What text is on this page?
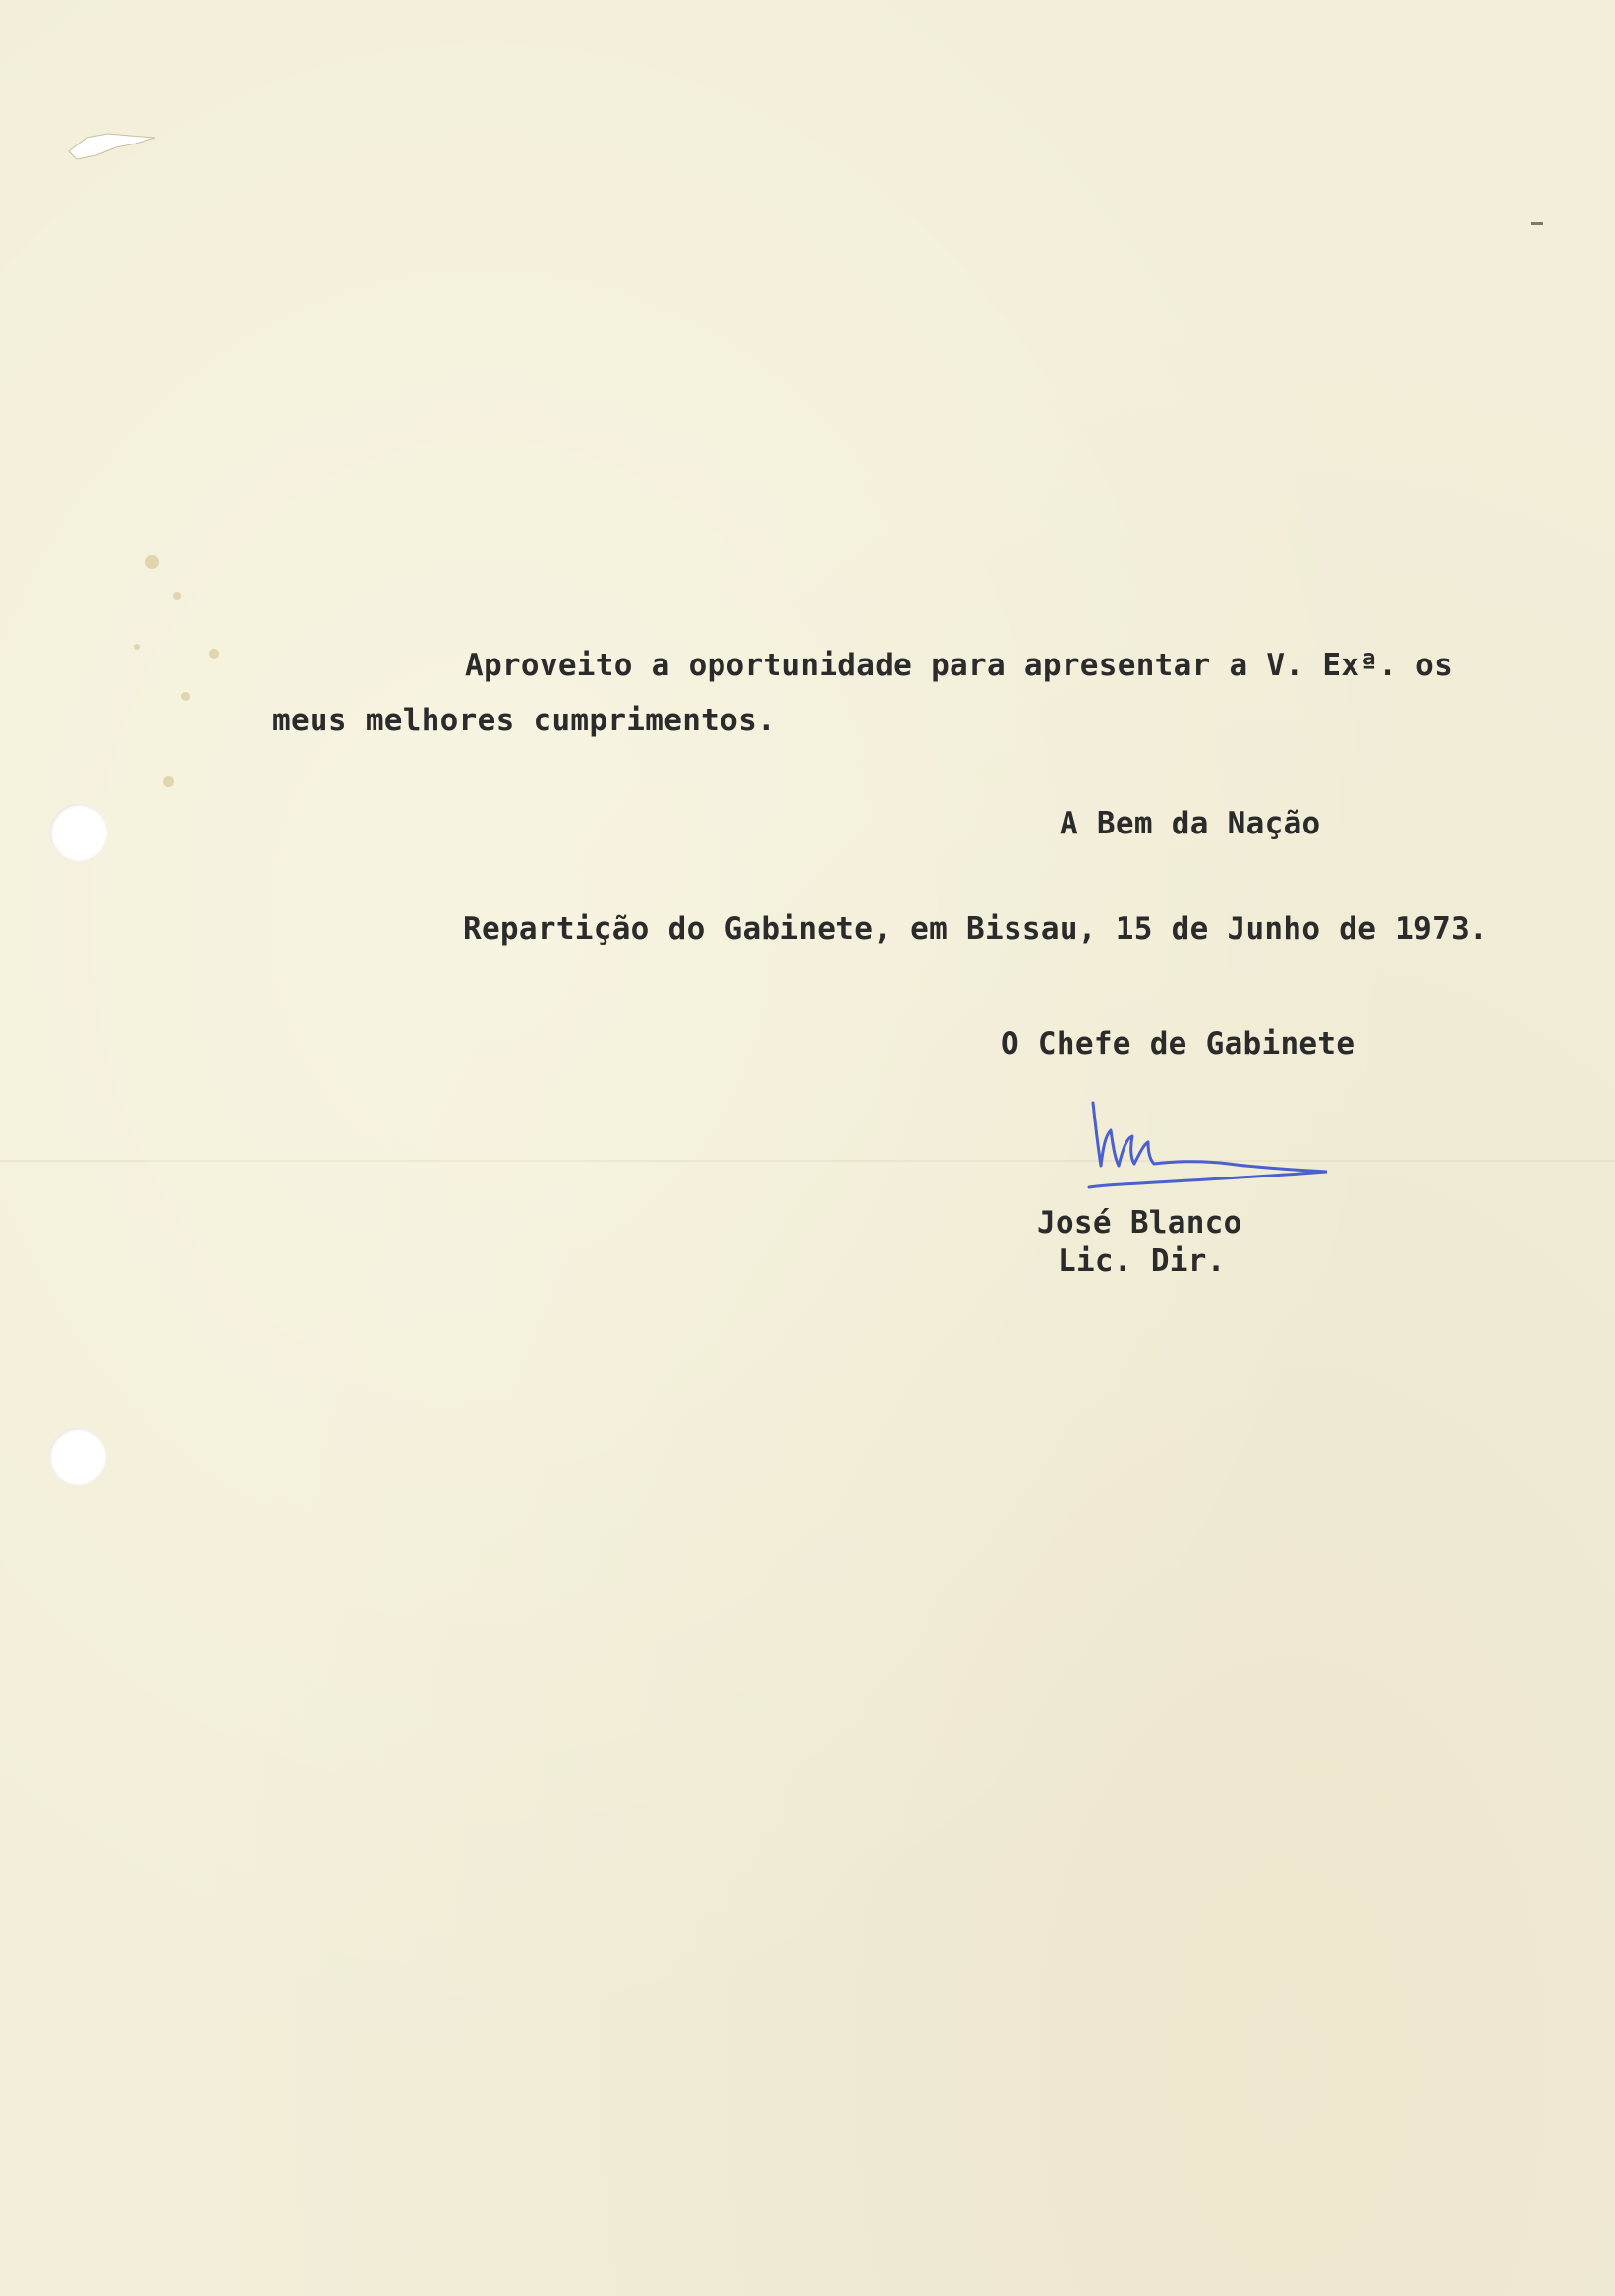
Aproveito a oportunidade para apresentar a V. Exª. os

meus melhores cumprimentos.

A Bem da Nação

Repartição do Gabinete, em Bissau, 15 de Junho de 1973.

O Chefe de Gabinete

José Blanco

Lic. Dir.
